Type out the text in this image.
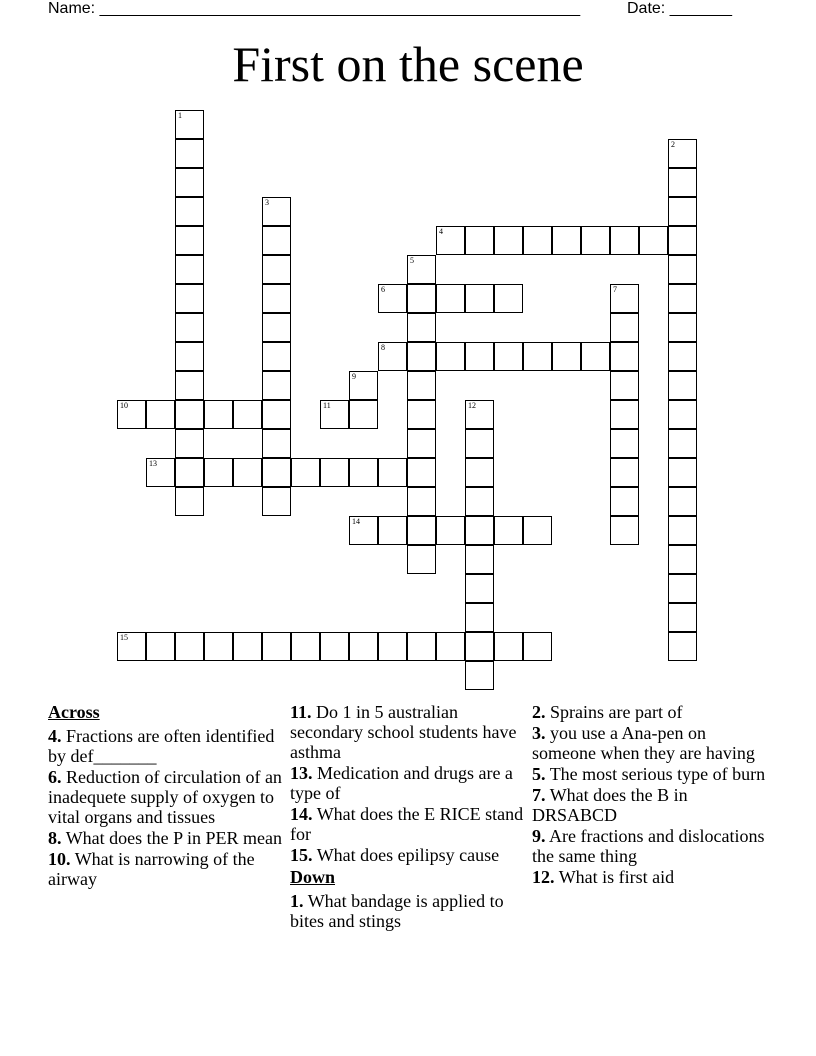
Name: ______________________________________________________	Date: _______
First on the scene
1
2
3
4
5
6	7
8
9
10	11	12
13
14
15
Across
4. Fractions are often identified by def_______
6. Reduction of circulation of an inadequete supply of oxygen to vital organs and tissues
8. What does the P in PER mean
10. What is narrowing of the airway
11. Do 1 in 5 australian secondary school students have asthma
13. Medication and drugs are a type of
14. What does the E RICE stand for
15. What does epilipsy cause
Down
1. What bandage is applied to bites and stings
2. Sprains are part of
3. you use a Ana-pen on someone when they are having
5. The most serious type of burn
7. What does the B in DRSABCD
9. Are fractions and dislocations the same thing
12. What is first aid
